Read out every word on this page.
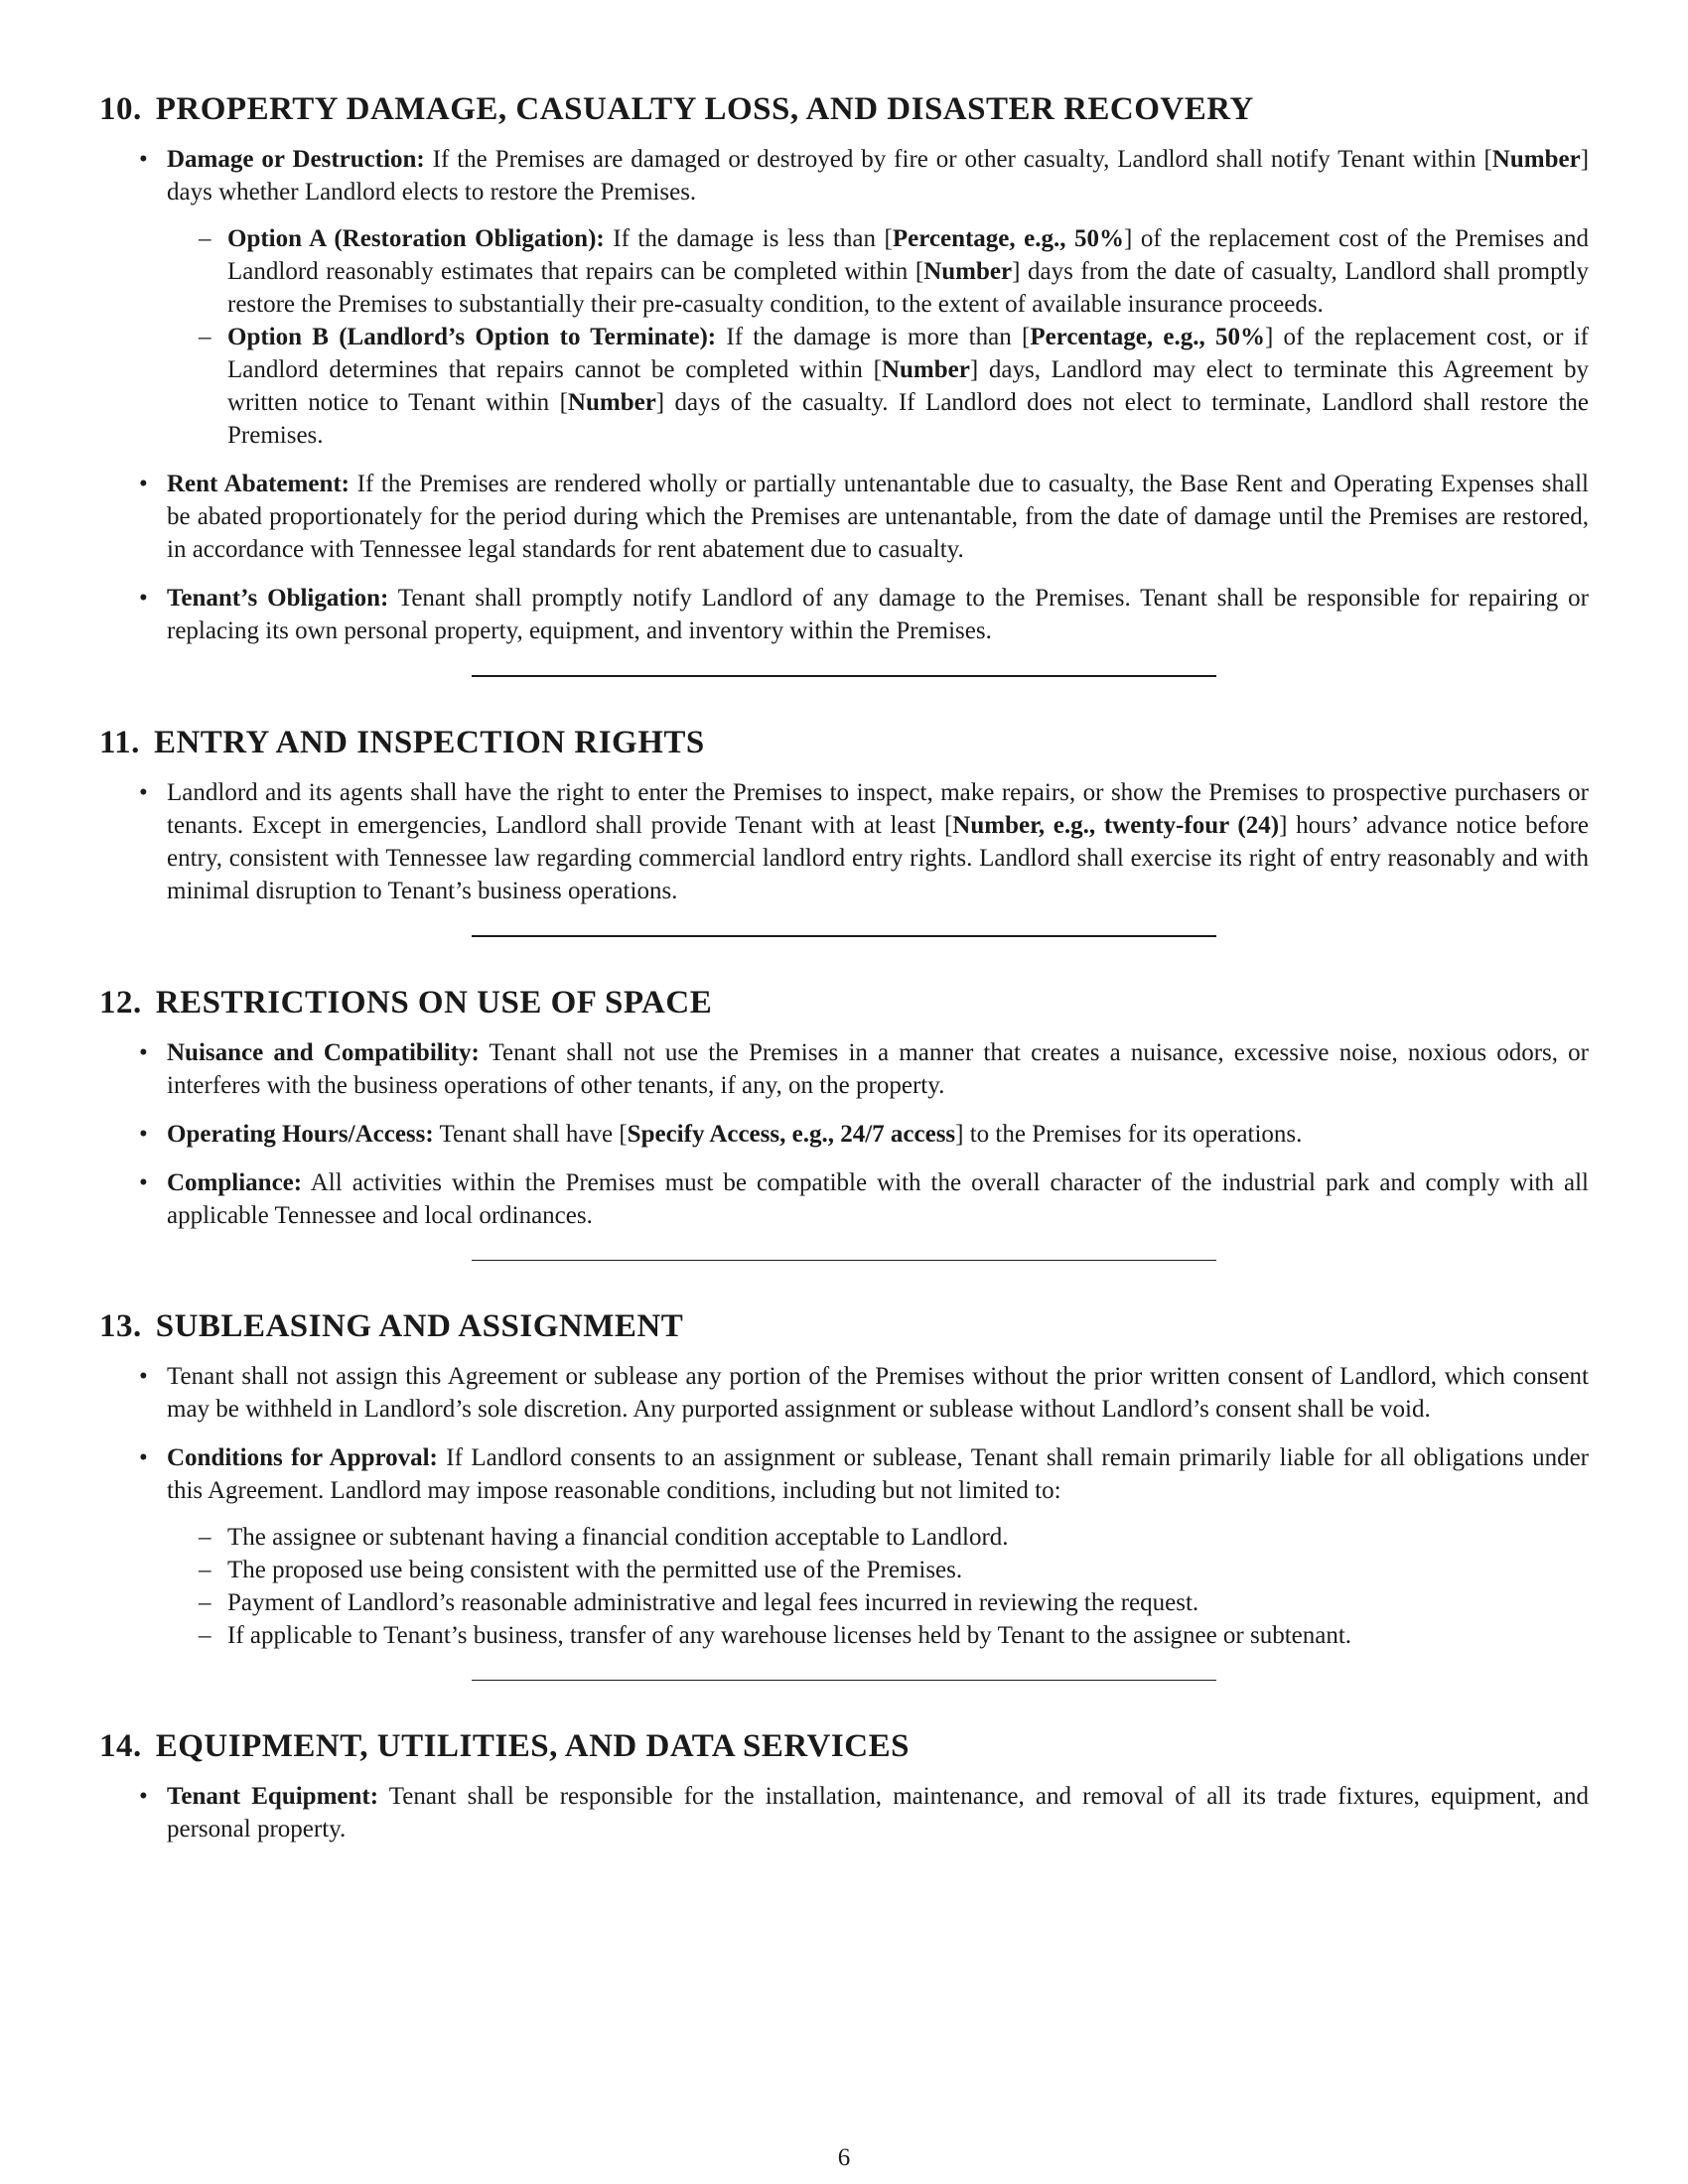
10. PROPERTY DAMAGE, CASUALTY LOSS, AND DISASTER RECOVERY
• Damage or Destruction: If the Premises are damaged or destroyed by fire or other casualty, Landlord shall notify Tenant within [Number] days whether Landlord elects to restore the Premises.
– Option A (Restoration Obligation): If the damage is less than [Percentage, e.g., 50%] of the replacement cost of the Premises and Landlord reasonably estimates that repairs can be completed within [Number] days from the date of casualty, Landlord shall promptly restore the Premises to substantially their pre-casualty condition, to the extent of available insurance proceeds.
– Option B (Landlord’s Option to Terminate): If the damage is more than [Percentage, e.g., 50%] of the replacement cost, or if Landlord determines that repairs cannot be completed within [Number] days, Landlord may elect to terminate this Agreement by written notice to Tenant within [Number] days of the casualty. If Landlord does not elect to terminate, Landlord shall restore the Premises.
• Rent Abatement: If the Premises are rendered wholly or partially untenantable due to casualty, the Base Rent and Operating Expenses shall be abated proportionately for the period during which the Premises are untenantable, from the date of damage until the Premises are restored, in accordance with Tennessee legal standards for rent abatement due to casualty.
• Tenant’s Obligation: Tenant shall promptly notify Landlord of any damage to the Premises. Tenant shall be responsible for repairing or replacing its own personal property, equipment, and inventory within the Premises.
11. ENTRY AND INSPECTION RIGHTS
• Landlord and its agents shall have the right to enter the Premises to inspect, make repairs, or show the Premises to prospective purchasers or tenants. Except in emergencies, Landlord shall provide Tenant with at least [Number, e.g., twenty-four (24)] hours’ advance notice before entry, consistent with Tennessee law regarding commercial landlord entry rights. Landlord shall exercise its right of entry reasonably and with minimal disruption to Tenant’s business operations.
12. RESTRICTIONS ON USE OF SPACE
• Nuisance and Compatibility: Tenant shall not use the Premises in a manner that creates a nuisance, excessive noise, noxious odors, or interferes with the business operations of other tenants, if any, on the property.
• Operating Hours/Access: Tenant shall have [Specify Access, e.g., 24/7 access] to the Premises for its operations.
• Compliance: All activities within the Premises must be compatible with the overall character of the industrial park and comply with all applicable Tennessee and local ordinances.
13. SUBLEASING AND ASSIGNMENT
• Tenant shall not assign this Agreement or sublease any portion of the Premises without the prior written consent of Landlord, which consent may be withheld in Landlord’s sole discretion. Any purported assignment or sublease without Landlord’s consent shall be void.
• Conditions for Approval: If Landlord consents to an assignment or sublease, Tenant shall remain primarily liable for all obligations under this Agreement. Landlord may impose reasonable conditions, including but not limited to:
– The assignee or subtenant having a financial condition acceptable to Landlord.
– The proposed use being consistent with the permitted use of the Premises.
– Payment of Landlord’s reasonable administrative and legal fees incurred in reviewing the request.
– If applicable to Tenant’s business, transfer of any warehouse licenses held by Tenant to the assignee or subtenant.
14. EQUIPMENT, UTILITIES, AND DATA SERVICES
• Tenant Equipment: Tenant shall be responsible for the installation, maintenance, and removal of all its trade fixtures, equipment, and personal property.
6
